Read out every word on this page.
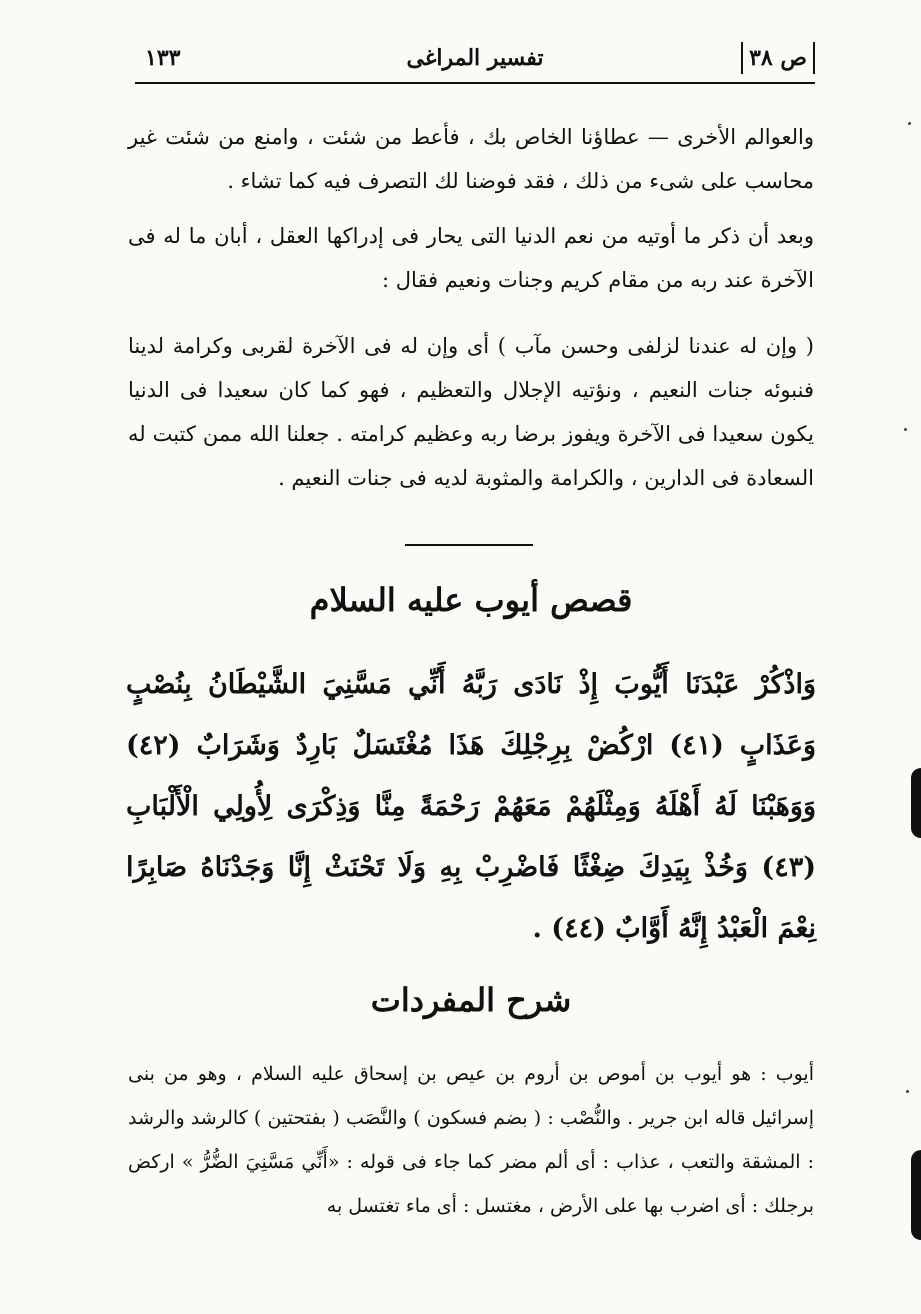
ص ٣٨
تفسير المراغى
١٣٣

والعوالم الأخرى — عطاؤنا الخاص بك ، فأعط من شئت ، وامنع من شئت غير محاسب على شىء من ذلك ، فقد فوضنا لك التصرف فيه كما تشاء .

وبعد أن ذكر ما أوتيه من نعم الدنيا التى يحار فى إدراكها العقل ، أبان ما له فى الآخرة عند ربه من مقام كريم وجنات ونعيم فقال :

( وإن له عندنا لزلفى وحسن مآب ) أى وإن له فى الآخرة لقربى وكرامة لدينا فنبوئه جنات النعيم ، ونؤتيه الإجلال والتعظيم ، فهو كما كان سعيدا فى الدنيا يكون سعيدا فى الآخرة ويفوز برضا ربه وعظيم كرامته . جعلنا الله ممن كتبت له السعادة فى الدارين ، والكرامة والمثوبة لديه فى جنات النعيم .

قصص أيوب عليه السلام

وَاذْكُرْ عَبْدَنَا أَيُّوبَ إِذْ نَادَى رَبَّهُ أَنِّي مَسَّنِيَ الشَّيْطَانُ بِنُصْبٍ وَعَذَابٍ (٤١) ارْكُضْ بِرِجْلِكَ هَذَا مُغْتَسَلٌ بَارِدٌ وَشَرَابٌ (٤٢) وَوَهَبْنَا لَهُ أَهْلَهُ وَمِثْلَهُمْ مَعَهُمْ رَحْمَةً مِنَّا وَذِكْرَى لِأُولِي الْأَلْبَابِ (٤٣) وَخُذْ بِيَدِكَ ضِغْثًا فَاضْرِبْ بِهِ وَلَا تَحْنَثْ إِنَّا وَجَدْنَاهُ صَابِرًا نِعْمَ الْعَبْدُ إِنَّهُ أَوَّابٌ (٤٤) .

شرح المفردات

أيوب : هو أيوب بن أموص بن أروم بن عيص بن إسحاق عليه السلام ، وهو من بنى إسرائيل قاله ابن جرير . والنُّصْب : ( بضم فسكون ) والنَّصَب ( بفتحتين ) كالرشد والرشد : المشقة والتعب ، عذاب : أى ألم مضر كما جاء فى قوله : «أَنِّي مَسَّنِيَ الضُّرُّ » اركض برجلك : أى اضرب بها على الأرض ، مغتسل : أى ماء تغتسل به
